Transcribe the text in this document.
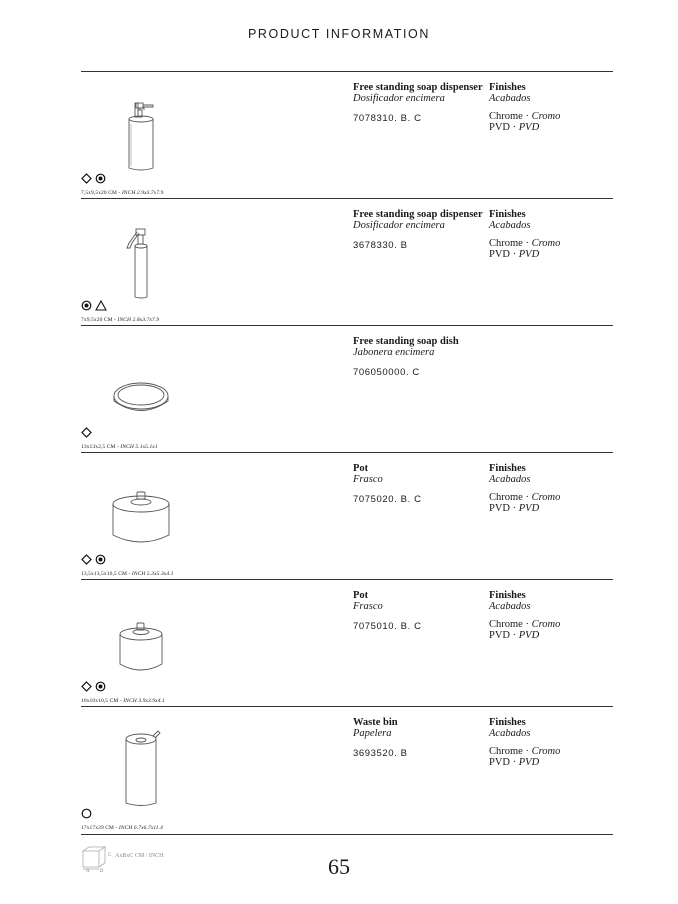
PRODUCT INFORMATION
7,5x9,5x20 CM - INCH 2.9x3.7x7.9
Free standing soap dispenser
Dosificador encimera
7078310. B. C
Finishes
Acabados
Chrome · Cromo
PVD · PVD
7x9,5x20 CM - INCH 2.8x3.7x7.9
Free standing soap dispenser
Dosificador encimera
3678330. B
Finishes
Acabados
Chrome · Cromo
PVD · PVD
13x13x2,5 CM - INCH 5.1x5.1x1
Free standing soap dish
Jabonera encimera
706050000. C
13,5x13,5x10,5 CM - INCH 5.3x5.3x4.1
Pot
Frasco
7075020. B. C
Finishes
Acabados
Chrome · Cromo
PVD · PVD
10x10x10,5 CM - INCH 3.9x3.9x4.1
Pot
Frasco
7075010. B. C
Finishes
Acabados
Chrome · Cromo
PVD · PVD
17x17x29 CM - INCH 6.7x6.7x11.4
Waste bin
Papelera
3693520. B
Finishes
Acabados
Chrome · Cromo
PVD · PVD
C AxBxC CM / INCH
A B	65
